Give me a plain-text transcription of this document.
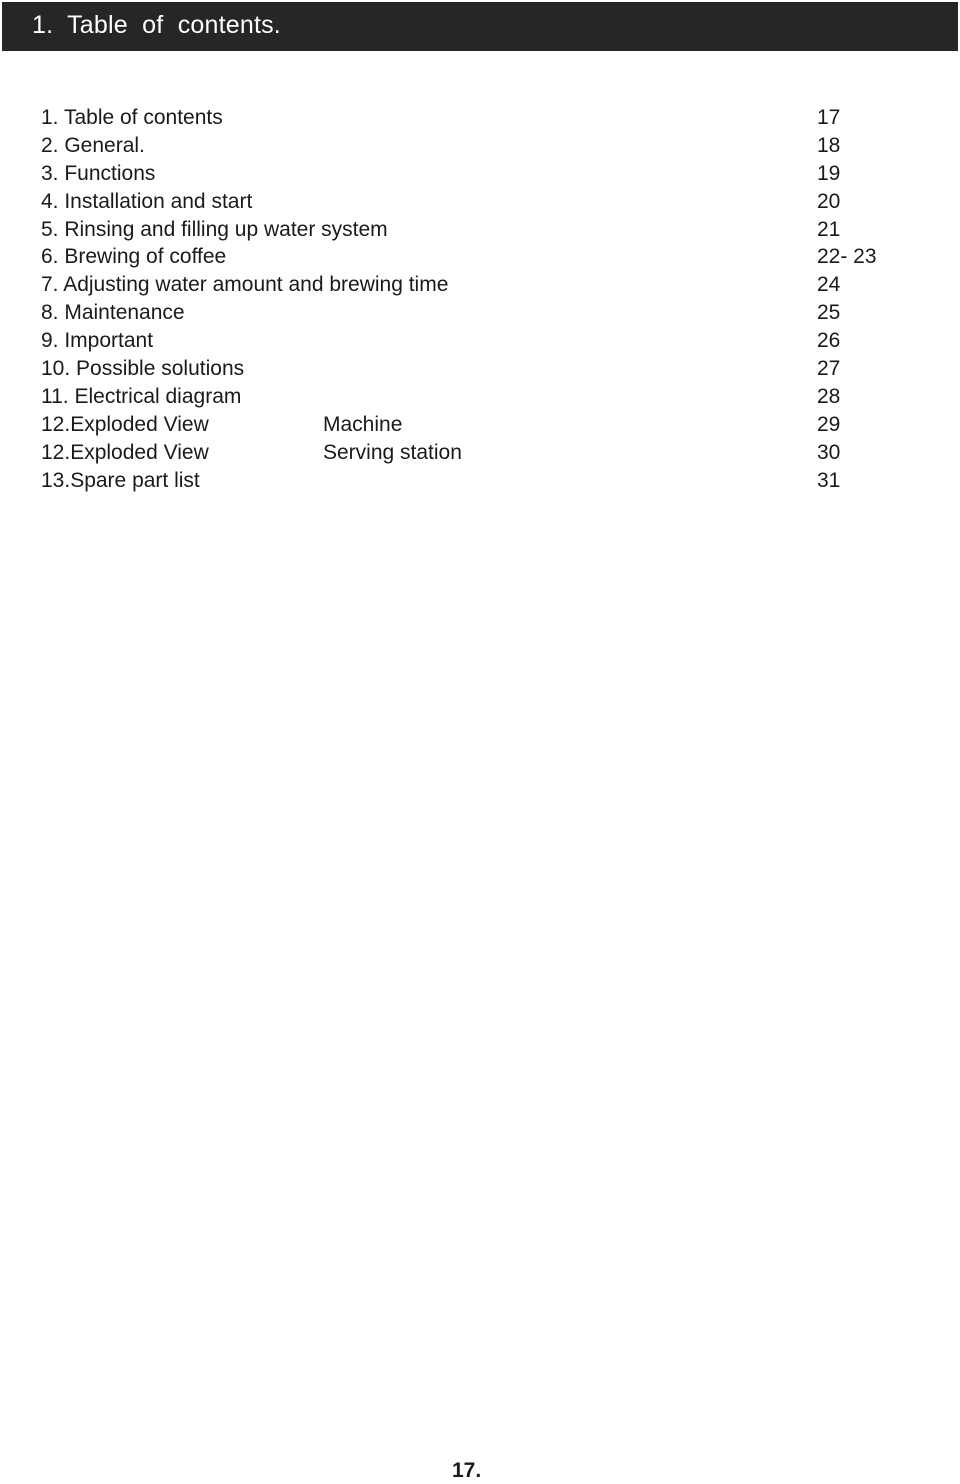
1.  Table  of  contents.
1. Table of contents	17
2. General.	18
3. Functions	19
4. Installation and start	20
5. Rinsing and filling up water system	21
6. Brewing of coffee	22- 23
7. Adjusting water amount and brewing time	24
8. Maintenance	25
9. Important	26
10. Possible solutions	27
11. Electrical diagram	28
12.Exploded View	Machine	29
12.Exploded View	Serving station	30
13.Spare part list	31
17.
